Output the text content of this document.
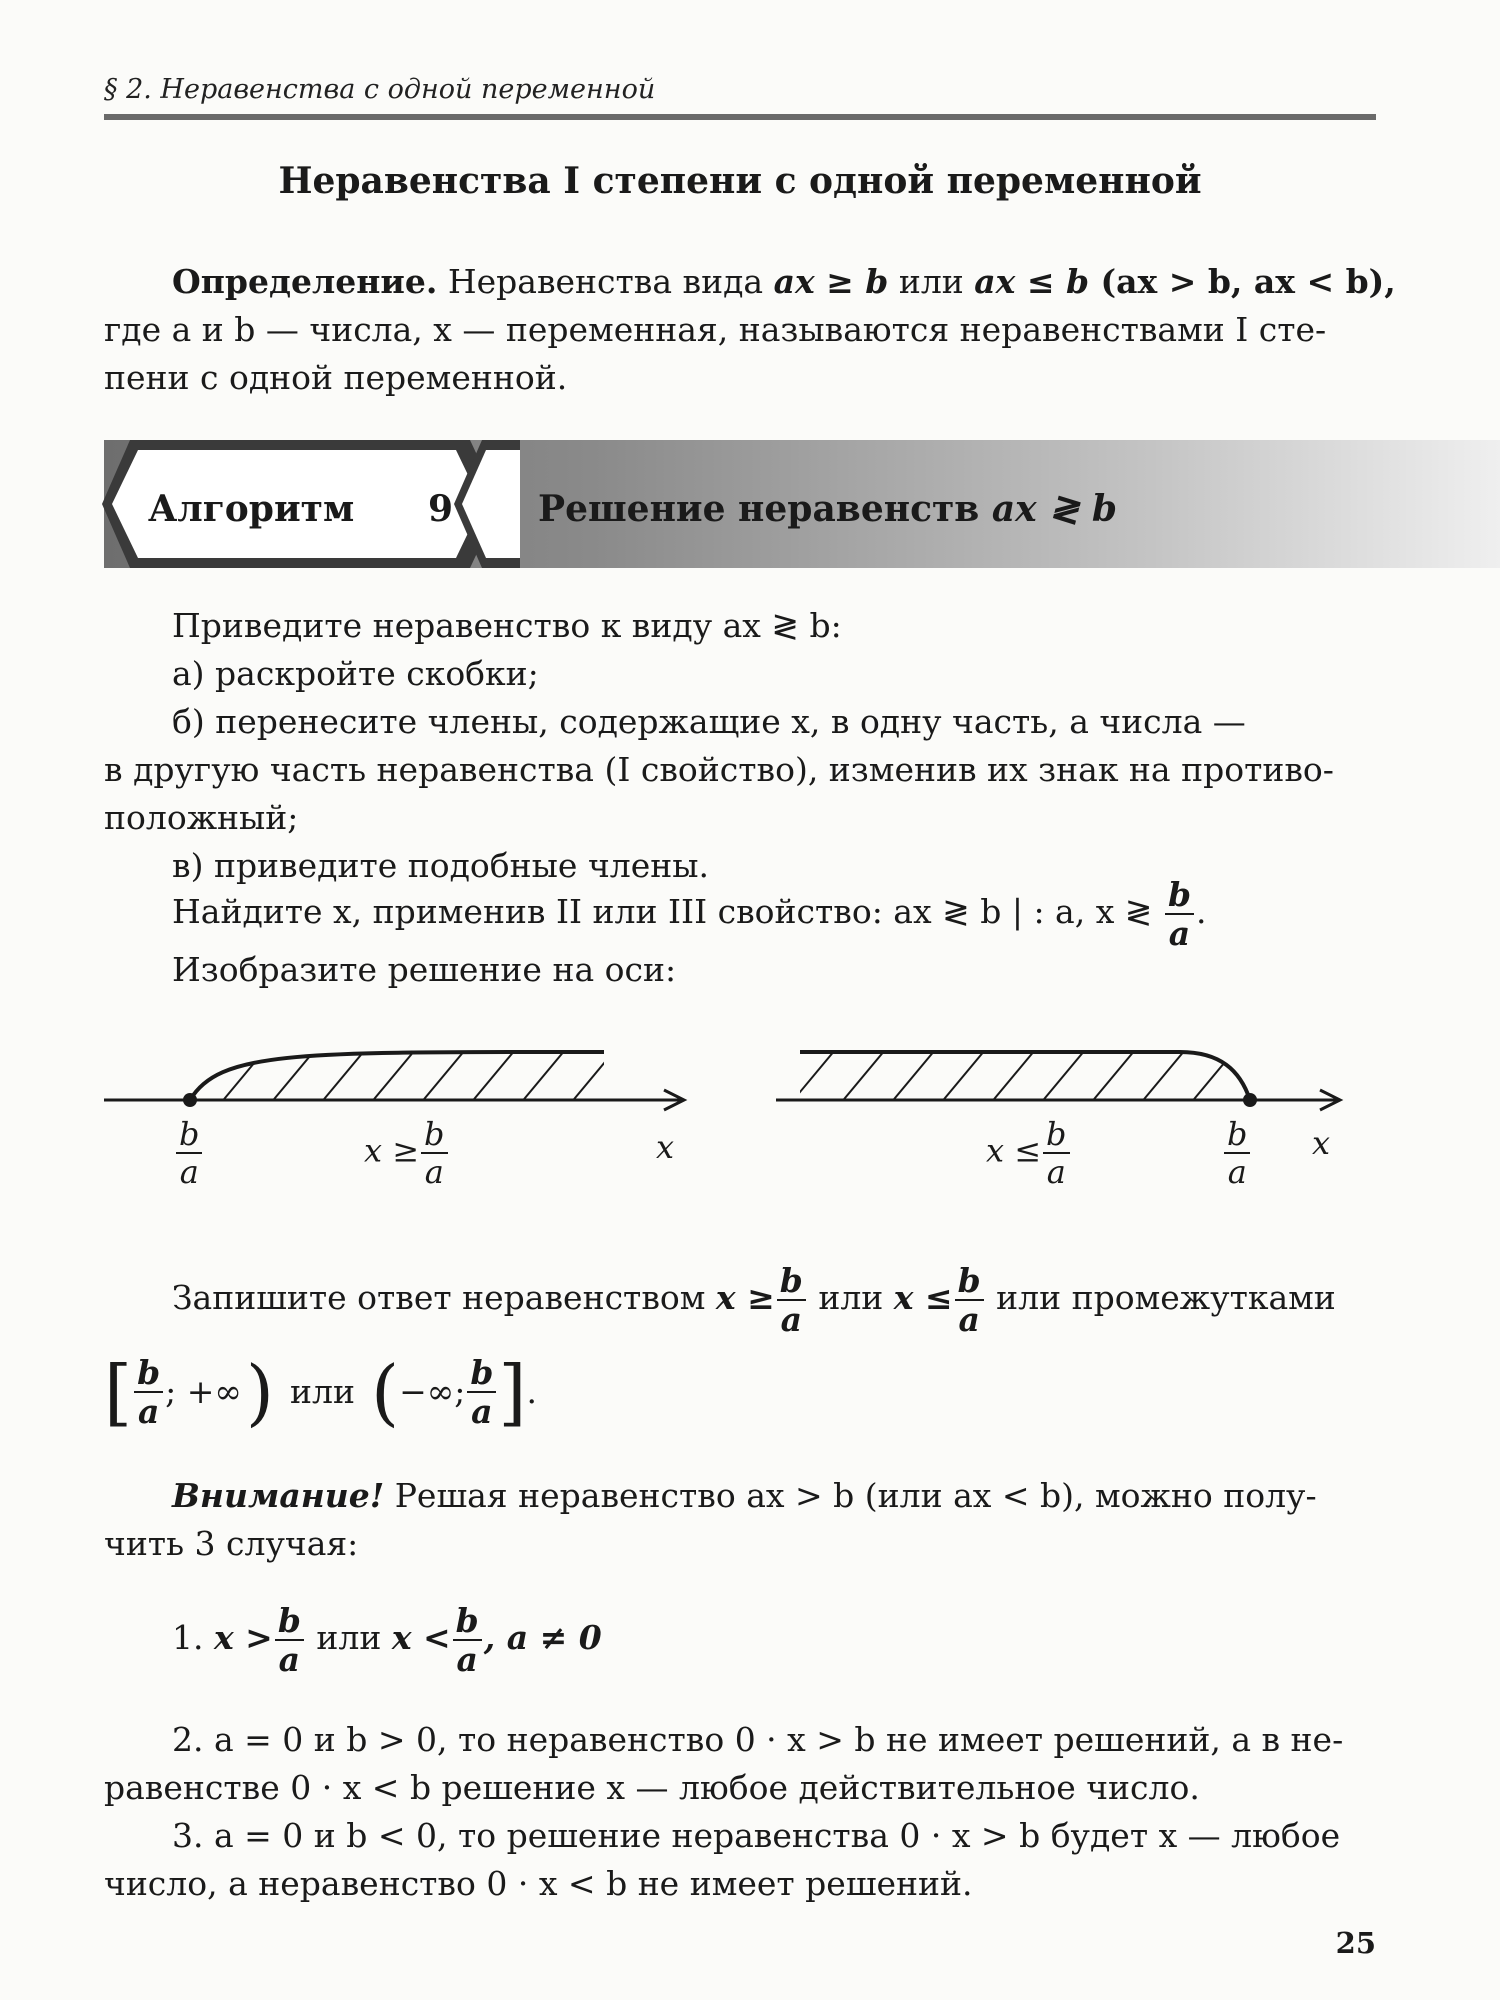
§ 2. Неравенства с одной переменной
Неравенства I степени с одной переменной
Определение. Неравенства вида ax ≥ b или ax ≤ b (ax > b, ax < b),
где a и b — числа, x — переменная, называются неравенствами I сте-
пени с одной переменной.
Алгоритм 9 Решение неравенств ax ≷ b
Приведите неравенство к виду ax ≷ b:
а) раскройте скобки;
б) перенесите члены, содержащие x, в одну часть, а числа —
в другую часть неравенства (I свойство), изменив их знак на противо-
положный;
в) приведите подобные члены.
Найдите x, применив II или III свойство: ax ≷ b | : a, x ≷ $\frac{b}{a}$ .
Изобразите решение на оси:
$\frac{b}{a}$	$x \ge \frac{b}{a}$	x	$x \le \frac{b}{a}$	$\frac{b}{a}$ x
Запишите ответ неравенством $x \ge \frac{b}{a}$ или $x \le \frac{b}{a}$ или промежутками
[ $\frac{b}{a}$ ; +∞ ) или ( −∞; $\frac{b}{a}$ ] .
Внимание! Решая неравенство ax > b (или ax < b), можно полу-
чить 3 случая:
1. $x > \frac{b}{a}$ или $x < \frac{b}{a}$ , a ≠ 0
2. a = 0 и b > 0, то неравенство 0 · x > b не имеет решений, а в не-
равенстве 0 · x < b решение x — любое действительное число.
3. a = 0 и b < 0, то решение неравенства 0 · x > b будет x — любое
число, а неравенство 0 · x < b не имеет решений.
25
